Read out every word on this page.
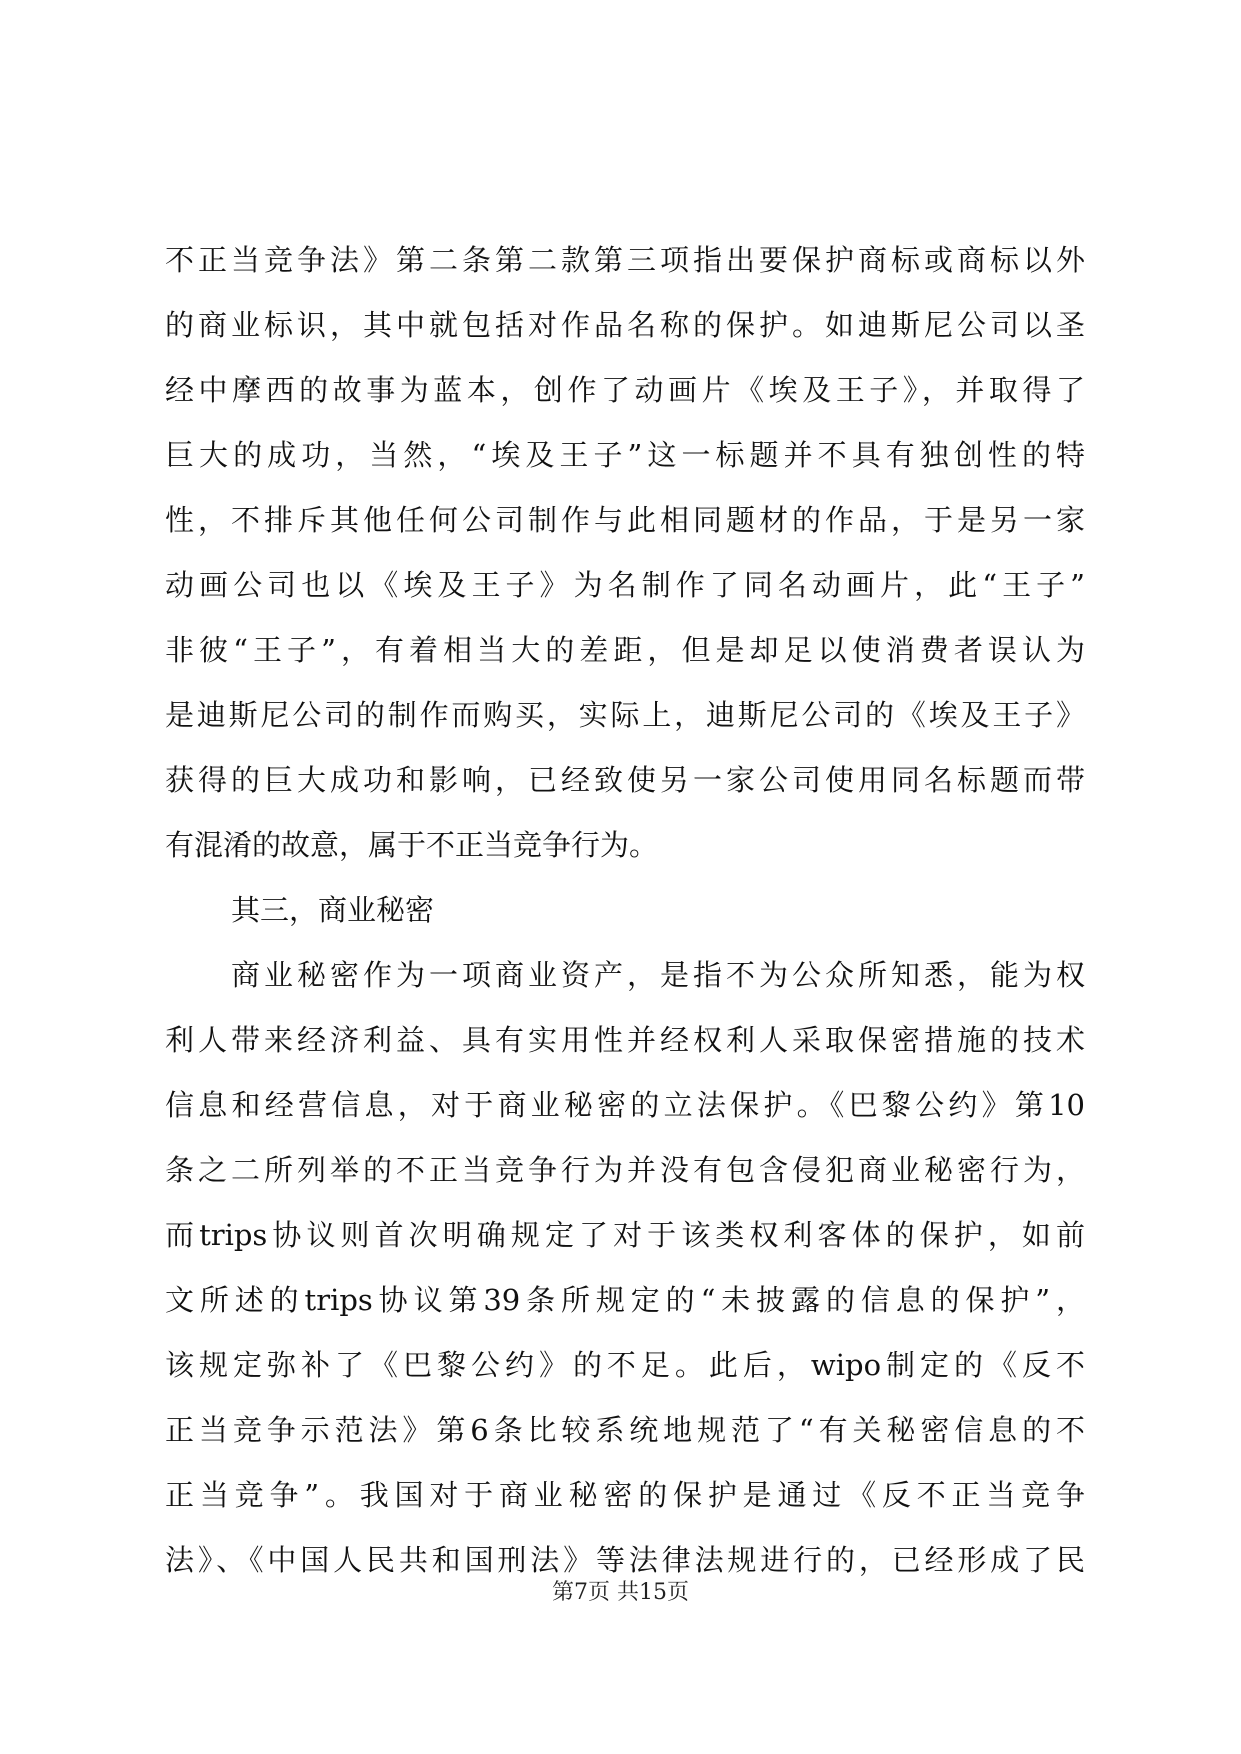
不正当竞争法》第二条第二款第三项指出要保护商标或商标以外
的商业标识，其中就包括对作品名称的保护。如迪斯尼公司以圣
经中摩西的故事为蓝本，创作了动画片《埃及王子》，并取得了
巨大的成功，当然，“埃及王子”这一标题并不具有独创性的特
性，不排斥其他任何公司制作与此相同题材的作品，于是另一家
动画公司也以《埃及王子》为名制作了同名动画片，此“王子”
非彼“王子”，有着相当大的差距，但是却足以使消费者误认为
是迪斯尼公司的制作而购买，实际上，迪斯尼公司的《埃及王子》
获得的巨大成功和影响，已经致使另一家公司使用同名标题而带
有混淆的故意，属于不正当竞争行为。
其三，商业秘密
商业秘密作为一项商业资产，是指不为公众所知悉，能为权
利人带来经济利益、具有实用性并经权利人采取保密措施的技术
信息和经营信息，对于商业秘密的立法保护。《巴黎公约》第10
条之二所列举的不正当竞争行为并没有包含侵犯商业秘密行为，
而trips协议则首次明确规定了对于该类权利客体的保护，如前
文所述的trips协议第39条所规定的“未披露的信息的保护”，
该规定弥补了《巴黎公约》的不足。此后，wipo制定的《反不
正当竞争示范法》第6条比较系统地规范了“有关秘密信息的不
正当竞争”。我国对于商业秘密的保护是通过《反不正当竞争
法》、《中国人民共和国刑法》等法律法规进行的，已经形成了民
第7页 共15页
